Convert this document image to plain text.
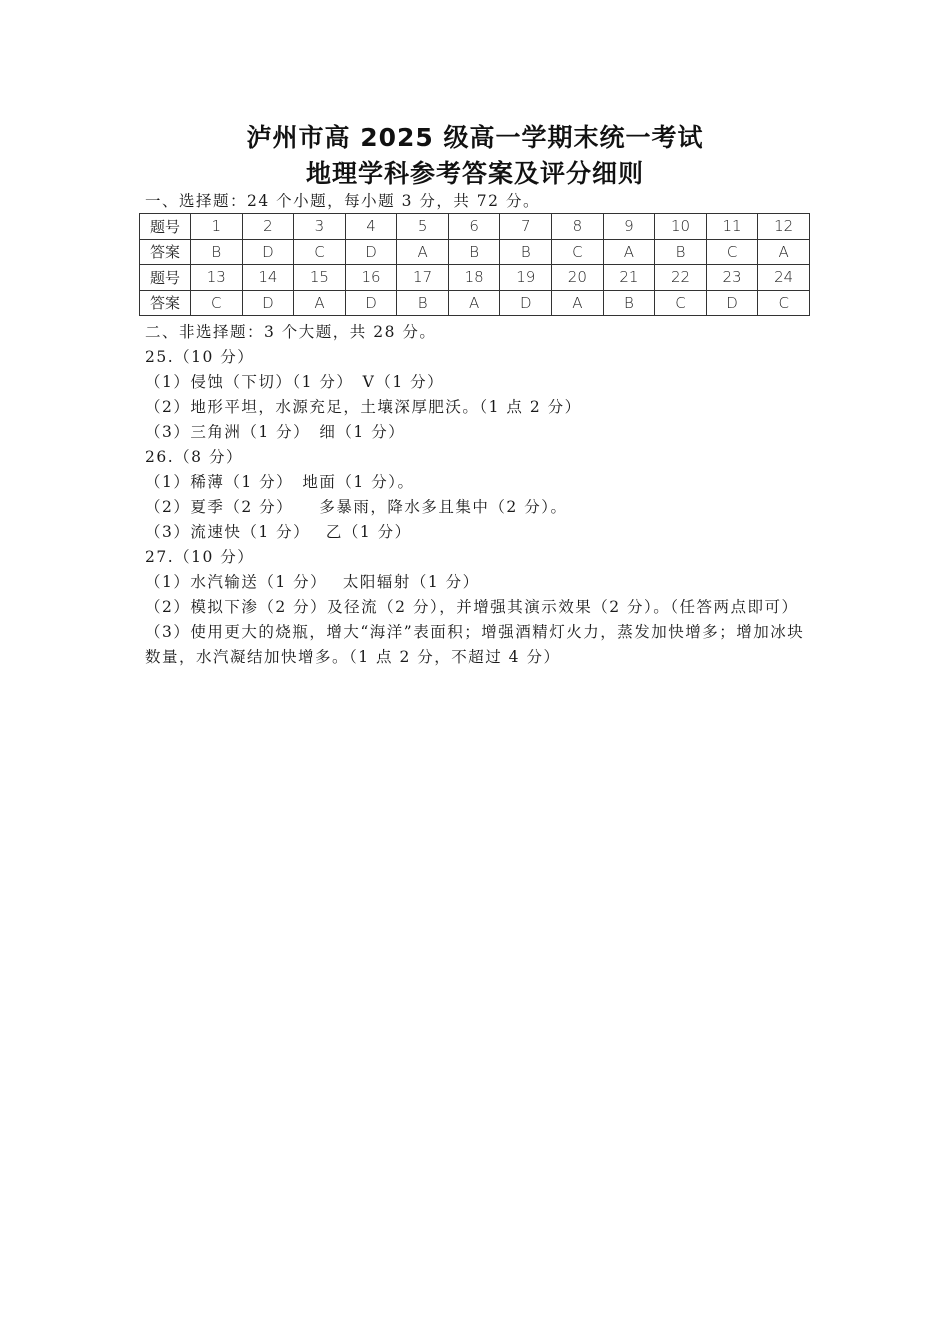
泸州市高 2025 级高一学期末统一考试
地理学科参考答案及评分细则
一、选择题：24 个小题，每小题 3 分，共 72 分。
题号	1	2	3	4	5	6	7	8	9	10	11	12
答案	B	D	C	D	A	B	B	C	A	B	C	A
题号	13	14	15	16	17	18	19	20	21	22	23	24
答案	C	D	A	D	B	A	D	A	B	C	D	C
二、非选择题：3 个大题，共 28 分。
25.（10 分）
（1）侵蚀（下切）（1 分）　V（1 分）
（2）地形平坦，水源充足，土壤深厚肥沃。（1 点 2 分）
（3）三角洲（1 分）　细（1 分）
26.（8 分）
（1）稀薄（1 分）　地面（1 分）。
（2）夏季（2 分）　　多暴雨，降水多且集中（2 分）。
（3）流速快（1 分）　 乙（1 分）
27.（10 分）
（1）水汽输送（1 分）　 太阳辐射（1 分）
（2）模拟下渗（2 分）及径流（2 分），并增强其演示效果（2 分）。（任答两点即可）
（3）使用更大的烧瓶，增大“海洋”表面积；增强酒精灯火力，蒸发加快增多；增加冰块
数量，水汽凝结加快增多。（1 点 2 分，不超过 4 分）
